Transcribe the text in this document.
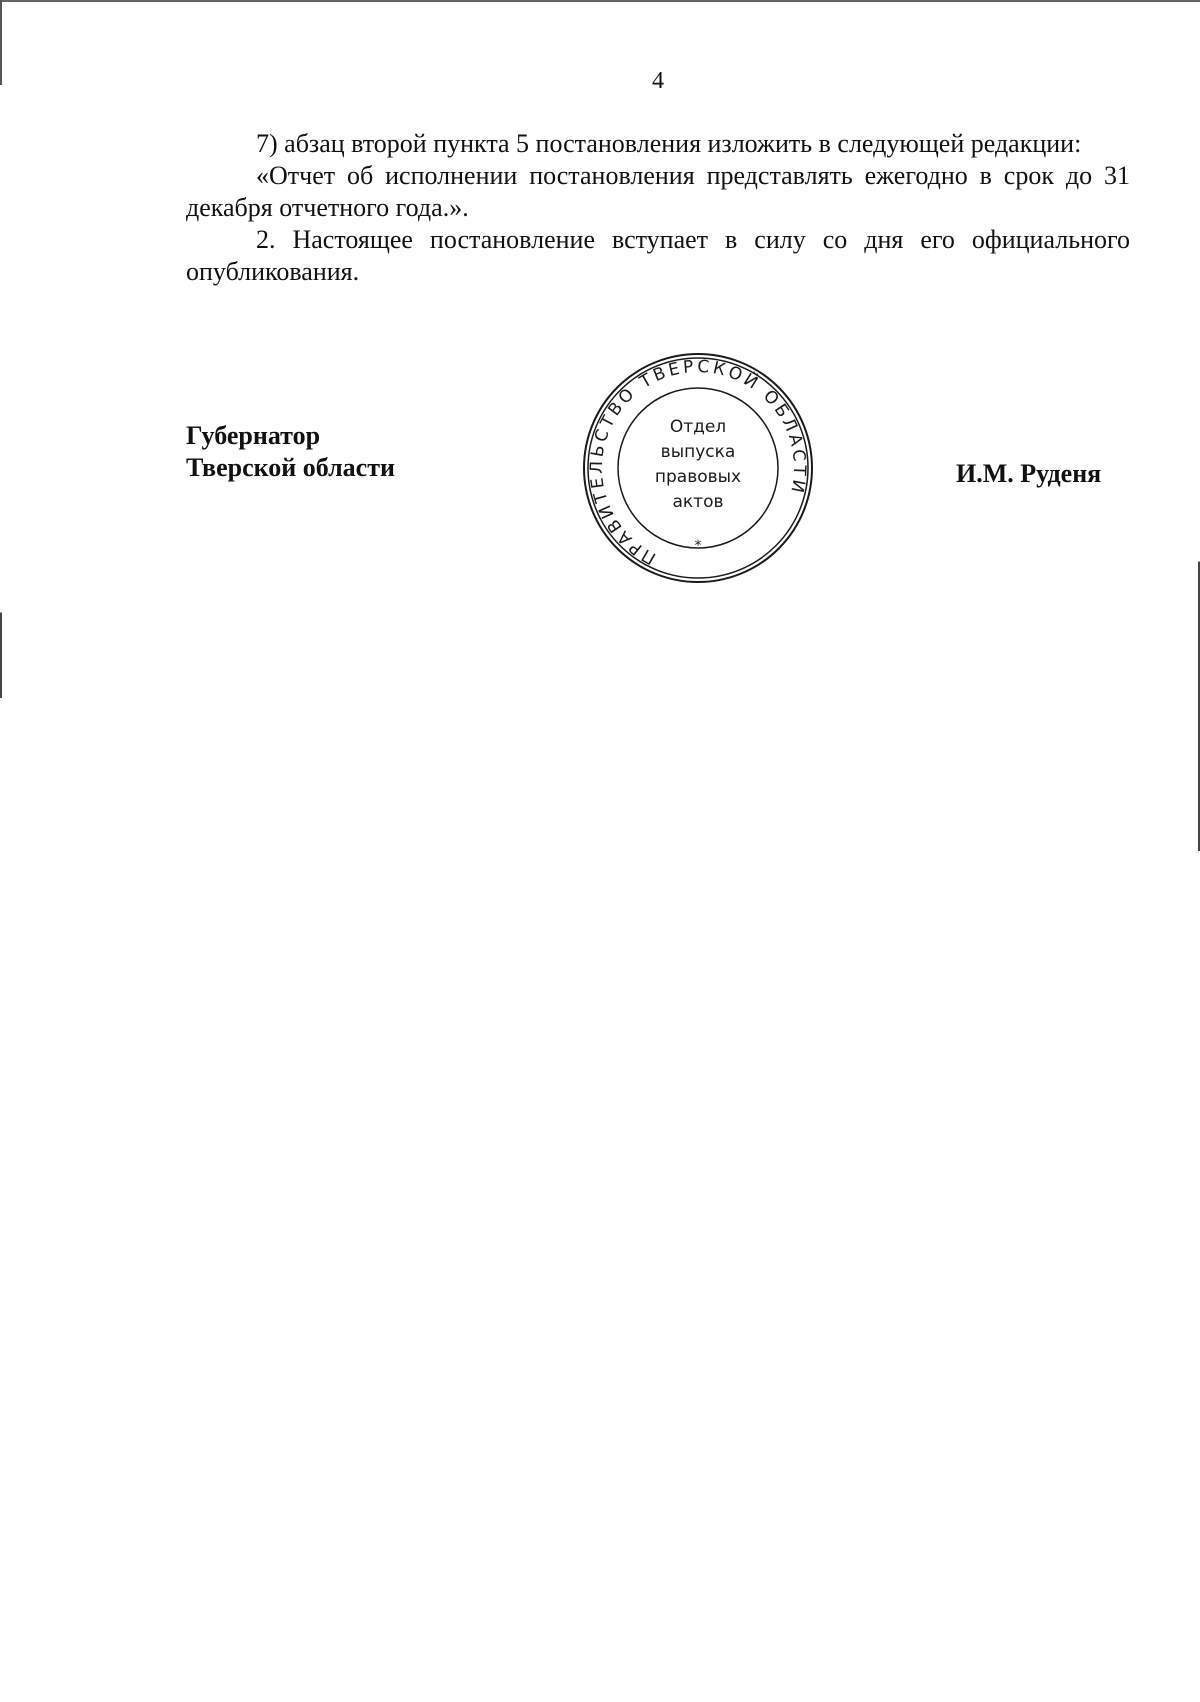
4

7) абзац второй пункта 5 постановления изложить в следующей редакции:

«Отчет об исполнении постановления представлять ежегодно в срок до 31 декабря отчетного года.».

2. Настоящее постановление вступает в силу со дня его официального опубликования.

Губернатор
Тверской области
ПРАВИТЕЛЬСТВО ТВЕРСКОЙ ОБЛАСТИ
*
Отдел
выпуска
правовых
актов
И.М. Руденя
